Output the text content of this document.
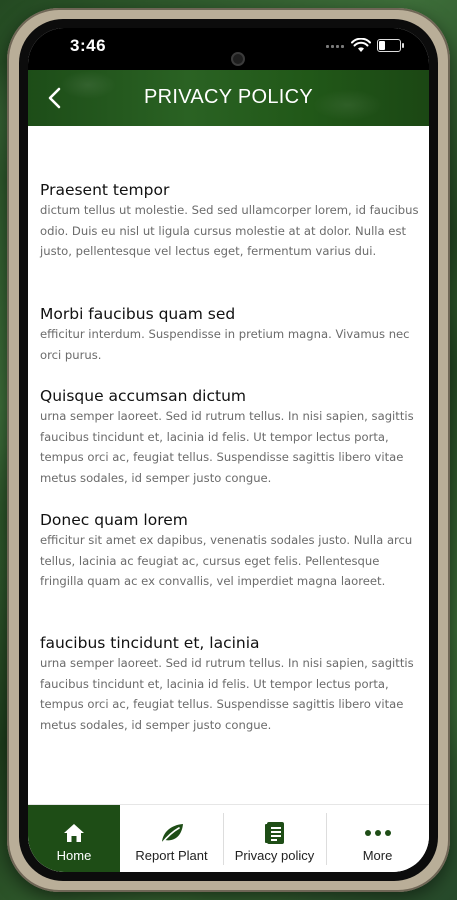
3:46
PRIVACY POLICY
Praesent tempor

dictum tellus ut molestie. Sed sed ullamcorper lorem, id faucibus odio. Duis eu nisl ut ligula cursus molestie at at dolor. Nulla est justo, pellentesque vel lectus eget, fermentum varius dui.

Morbi faucibus quam sed

efficitur interdum. Suspendisse in pretium magna. Vivamus nec orci purus.

Quisque accumsan dictum

urna semper laoreet. Sed id rutrum tellus. In nisi sapien, sagittis faucibus tincidunt et, lacinia id felis. Ut tempor lectus porta, tempus orci ac, feugiat tellus. Suspendisse sagittis libero vitae metus sodales, id semper justo congue.

Donec quam lorem

efficitur sit amet ex dapibus, venenatis sodales justo. Nulla arcu tellus, lacinia ac feugiat ac, cursus eget felis. Pellentesque fringilla quam ac ex convallis, vel imperdiet magna laoreet.

faucibus tincidunt et, lacinia

urna semper laoreet. Sed id rutrum tellus. In nisi sapien, sagittis faucibus tincidunt et, lacinia id felis. Ut tempor lectus porta, tempus orci ac, feugiat tellus. Suspendisse sagittis libero vitae metus sodales, id semper justo congue.

Home	Report Plant Privacy policy	More
